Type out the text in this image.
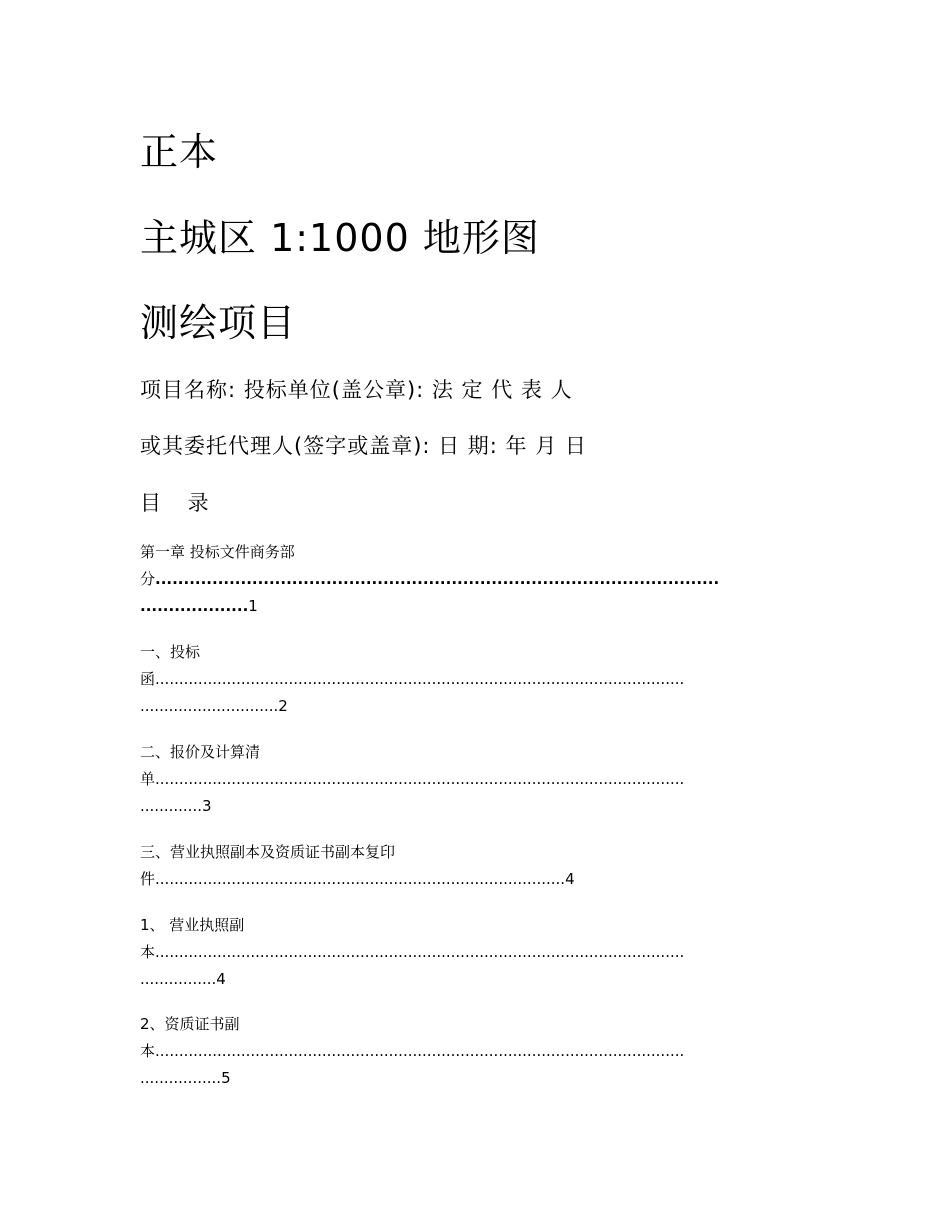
正本
主城区 1:1000 地形图
测绘项目
项目名称: 投标单位(盖公章): 法 定 代 表 人
或其委托代理人(签字或盖章): 日 期: 年 月 日
目 录
第一章 投标文件商务部
分...................................................................................................
...................1
一、投标
函...............................................................................................................
.............................2
二、报价及计算清
单...............................................................................................................
.............3
三、营业执照副本及资质证书副本复印
件......................................................................................4
1、 营业执照副
本...............................................................................................................
................4
2、资质证书副
本...............................................................................................................
.................5
